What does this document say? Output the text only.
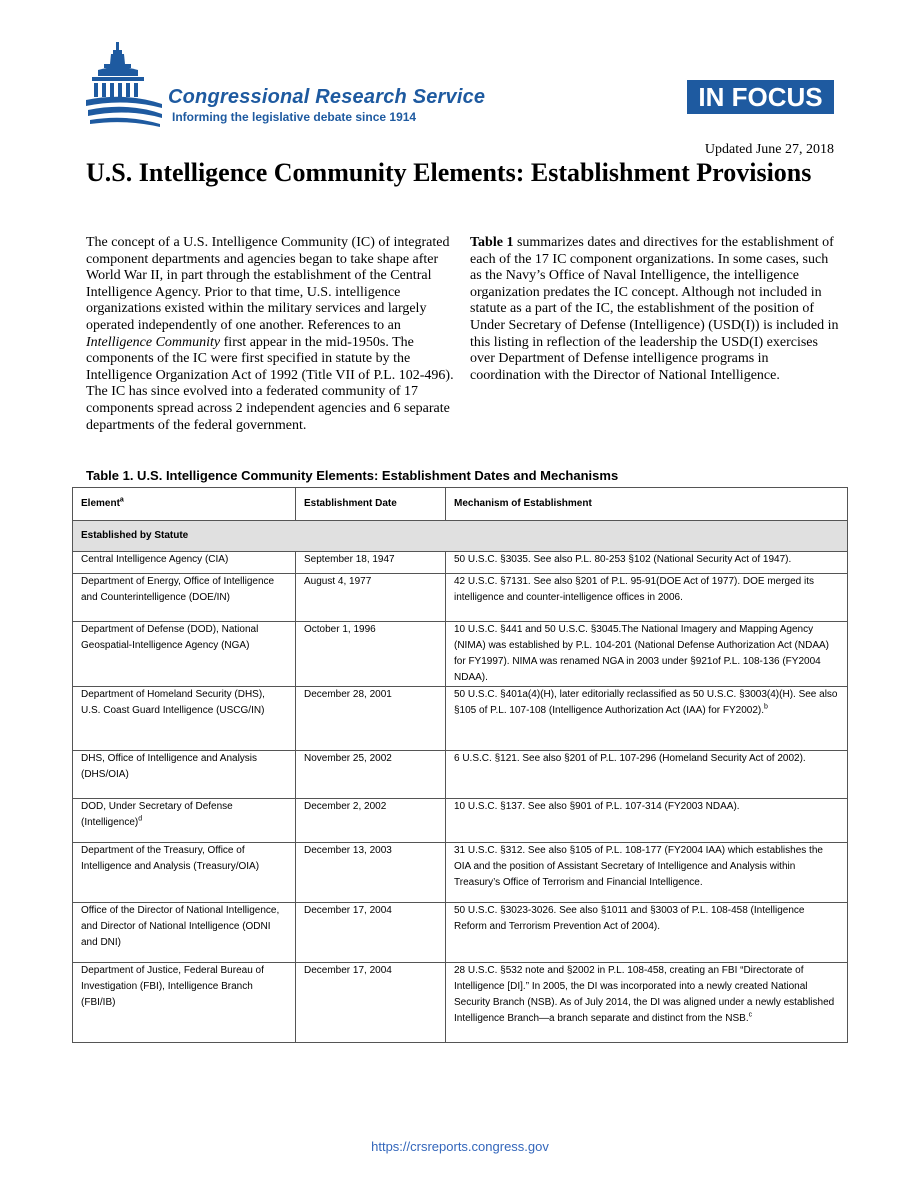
Congressional Research Service
Informing the legislative debate since 1914
IN FOCUS
Updated June 27, 2018
U.S. Intelligence Community Elements: Establishment Provisions

The concept of a U.S. Intelligence Community (IC) of integrated component departments and agencies began to take shape after World War II, in part through the establishment of the Central Intelligence Agency. Prior to that time, U.S. intelligence organizations existed within the military services and largely operated independently of one another. References to an Intelligence Community first appear in the mid-1950s. The components of the IC were first specified in statute by the Intelligence Organization Act of 1992 (Title VII of P.L. 102-496). The IC has since evolved into a federated community of 17 components spread across 2 independent agencies and 6 separate departments of the federal government.

Table 1 summarizes dates and directives for the establishment of each of the 17 IC component organizations. In some cases, such as the Navy’s Office of Naval Intelligence, the intelligence organization predates the IC concept. Although not included in statute as a part of the IC, the establishment of the position of Under Secretary of Defense (Intelligence) (USD(I)) is included in this listing in reflection of the leadership the USD(I) exercises over Department of Defense intelligence programs in coordination with the Director of National Intelligence.

Table 1. U.S. Intelligence Community Elements: Establishment Dates and Mechanisms
Element$^a$	Establishment Date	Mechanism of Establishment
Established by Statute		
Central Intelligence Agency (CIA)	September 18, 1947	50 U.S.C. §3035. See also P.L. 80-253 §102 (National Security Act of 1947).
Department of Energy, Office of Intelligence and Counterintelligence (DOE/IN)	August 4, 1977	42 U.S.C. §7131. See also §201 of P.L. 95-91(DOE Act of 1977). DOE merged its intelligence and counter-intelligence offices in 2006.
Department of Defense (DOD), National Geospatial-Intelligence Agency (NGA)	October 1, 1996	10 U.S.C. §441 and 50 U.S.C. §3045.The National Imagery and Mapping Agency (NIMA) was established by P.L. 104-201 (National Defense Authorization Act (NDAA) for FY1997). NIMA was renamed NGA in 2003 under §921of P.L. 108-136 (FY2004 NDAA).
Department of Homeland Security (DHS), U.S. Coast Guard Intelligence (USCG/IN)	December 28, 2001	50 U.S.C. §401a(4)(H), later editorially reclassified as 50 U.S.C. §3003(4)(H). See also §105 of P.L. 107-108 (Intelligence Authorization Act (IAA) for FY2002).$^b$
DHS, Office of Intelligence and Analysis (DHS/OIA)	November 25, 2002	6 U.S.C. §121. See also §201 of P.L. 107-296 (Homeland Security Act of 2002).
DOD, Under Secretary of Defense (Intelligence)$^d$	December 2, 2002	10 U.S.C. §137. See also §901 of P.L. 107-314 (FY2003 NDAA).
Department of the Treasury, Office of Intelligence and Analysis (Treasury/OIA)	December 13, 2003	31 U.S.C. §312. See also §105 of P.L. 108-177 (FY2004 IAA) which establishes the OIA and the position of Assistant Secretary of Intelligence and Analysis within Treasury’s Office of Terrorism and Financial Intelligence.
Office of the Director of National Intelligence, and Director of National Intelligence (ODNI and DNI)	December 17, 2004	50 U.S.C. §3023-3026. See also §1011 and §3003 of P.L. 108-458 (Intelligence Reform and Terrorism Prevention Act of 2004).
Department of Justice, Federal Bureau of Investigation (FBI), Intelligence Branch (FBI/IB)	December 17, 2004	28 U.S.C. §532 note and §2002 in P.L. 108-458, creating an FBI “Directorate of Intelligence [DI].” In 2005, the DI was incorporated into a newly created National Security Branch (NSB). As of July 2014, the DI was aligned under a newly established Intelligence Branch—a branch separate and distinct from the NSB.$^c$
https://crsreports.congress.gov
